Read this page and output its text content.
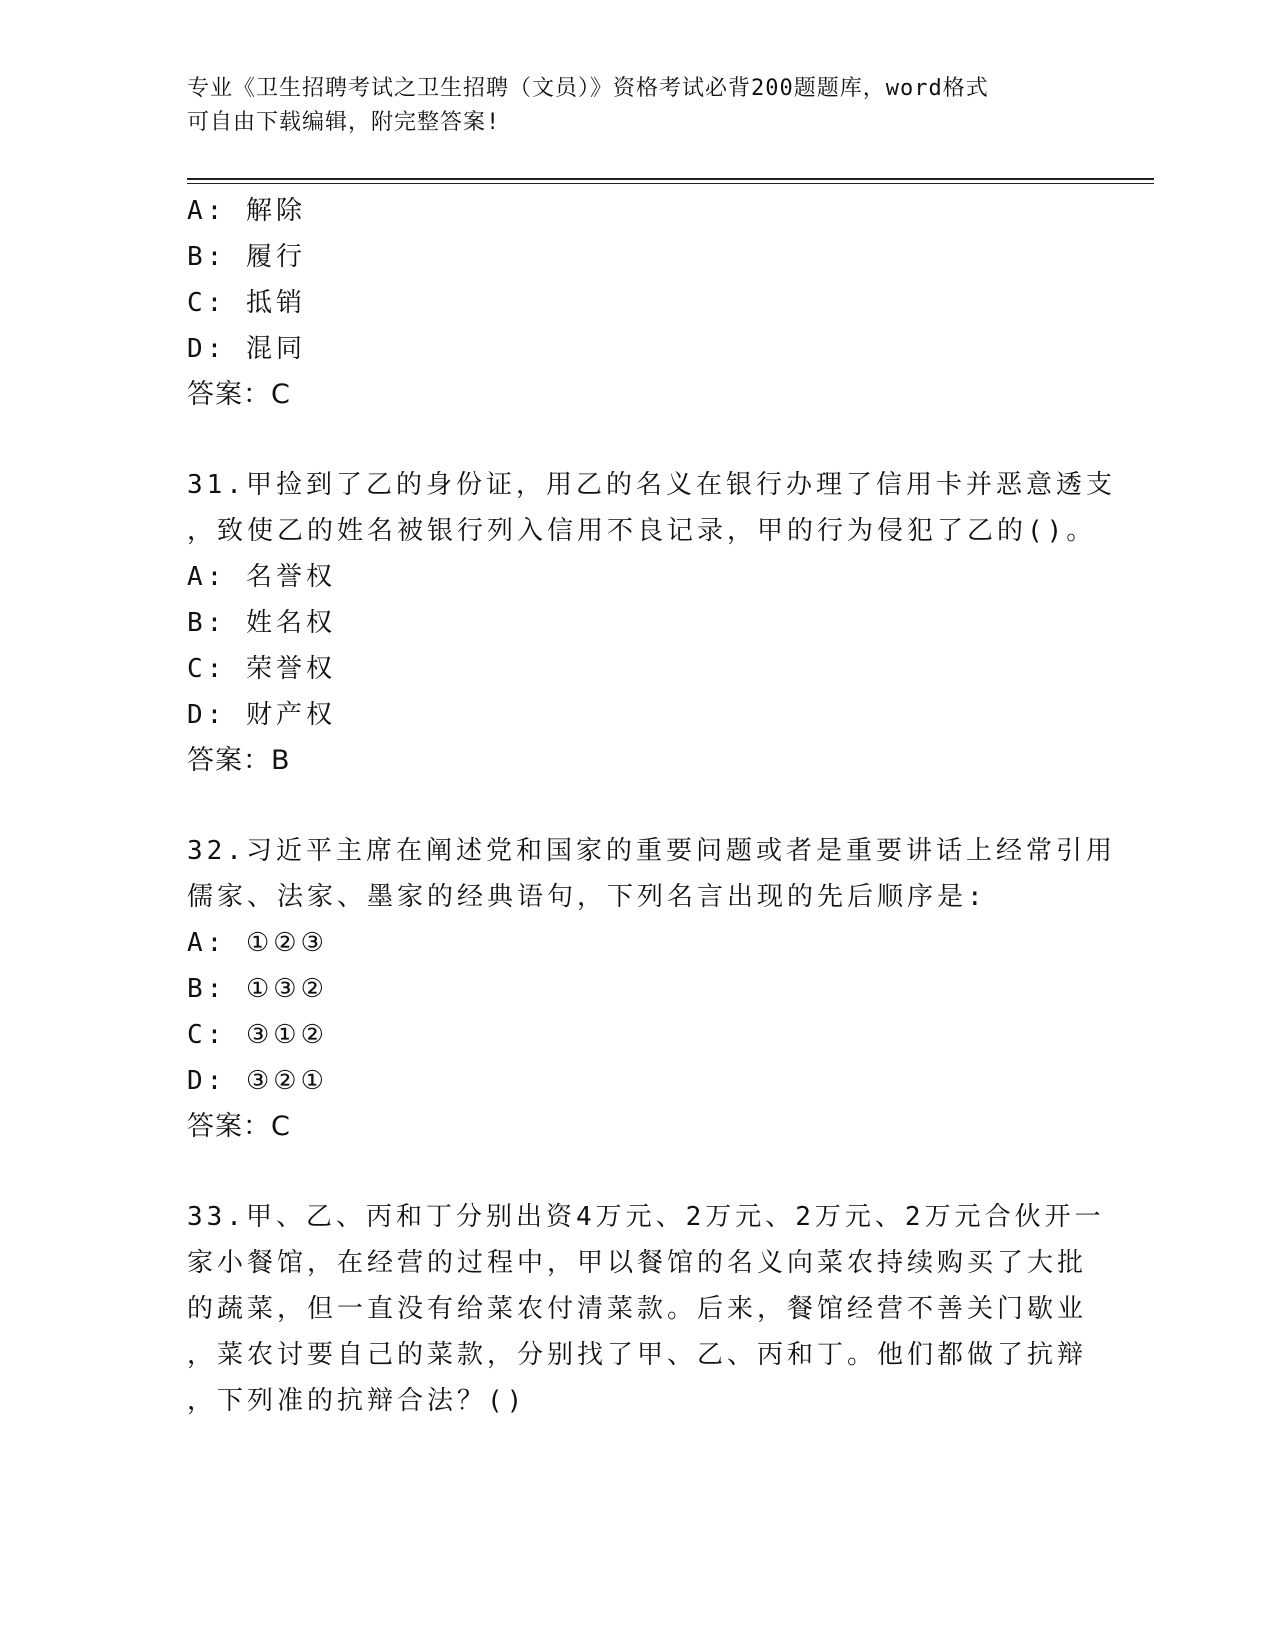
专业《卫生招聘考试之卫生招聘（文员）》资格考试必背200题题库，word格式
可自由下载编辑，附完整答案!
A: 解除
B: 履行
C: 抵销
D: 混同
答案：C
31.甲捡到了乙的身份证，用乙的名义在银行办理了信用卡并恶意透支
，致使乙的姓名被银行列入信用不良记录，甲的行为侵犯了乙的()。
A: 名誉权
B: 姓名权
C: 荣誉权
D: 财产权
答案：B
32.习近平主席在阐述党和国家的重要问题或者是重要讲话上经常引用
儒家、法家、墨家的经典语句，下列名言出现的先后顺序是:
A: ①②③
B: ①③②
C: ③①②
D: ③②①
答案：C
33.甲、乙、丙和丁分别出资4万元、2万元、2万元、2万元合伙开一
家小餐馆，在经营的过程中，甲以餐馆的名义向菜农持续购买了大批
的蔬菜，但一直没有给菜农付清菜款。后来，餐馆经营不善关门歇业
，菜农讨要自己的菜款，分别找了甲、乙、丙和丁。他们都做了抗辩
，下列准的抗辩合法？()
